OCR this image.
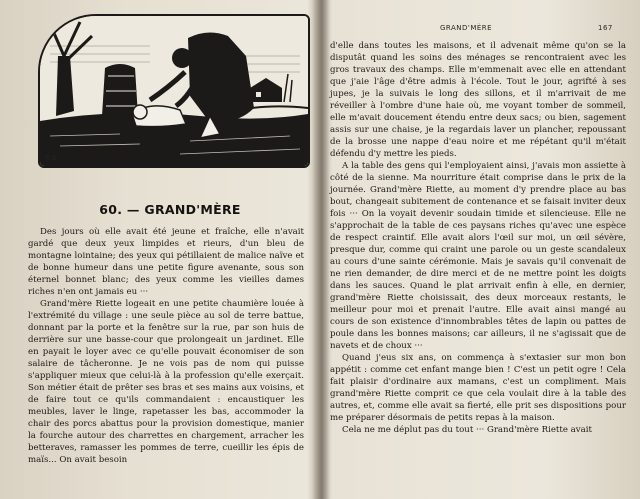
R.B.
60. — GRAND'MÈRE

Des jours où elle avait été jeune et fraîche, elle n'avait gardé que deux yeux limpides et rieurs, d'un bleu de montagne lointaine; des yeux qui pétillaient de malice naïve et de bonne humeur dans une petite figure avenante, sous son éternel bonnet blanc; des yeux comme les vieilles dames riches n'en ont jamais eu ···

Grand'mère Riette logeait en une petite chaumière louée à l'extrémité du village : une seule pièce au sol de terre battue, donnant par la porte et la fenêtre sur la rue, par son huis de derrière sur une basse-cour que prolongeait un jardinet. Elle en payait le loyer avec ce qu'elle pouvait économiser de son salaire de tâcheronne. Je ne vois pas de nom qui puisse s'appliquer mieux que celui-là à la profession qu'elle exerçait. Son métier était de prêter ses bras et ses mains aux voisins, et de faire tout ce qu'ils commandaient : encaustiquer les meubles, laver le linge, rapetasser les bas, accommoder la chair des porcs abattus pour la provision domestique, manier la fourche autour des charrettes en chargement, arracher les betteraves, ramasser les pommes de terre, cueillir les épis de maïs... On avait besoin

GRAND'MÈRE	167

d'elle dans toutes les maisons, et il advenait même qu'on se la disputât quand les soins des ménages se rencontraient avec les gros travaux des champs. Elle m'emmenait avec elle en attendant que j'aie l'âge d'être admis à l'école. Tout le jour, agrifté à ses jupes, je la suivais le long des sillons, et il m'arrivait de me réveiller à l'ombre d'une haie où, me voyant tomber de sommeil, elle m'avait doucement étendu entre deux sacs; ou bien, sagement assis sur une chaise, je la regardais laver un plancher, repoussant de la brosse une nappe d'eau noire et me répétant qu'il m'était défendu d'y mettre les pieds.

A la table des gens qui l'employaient ainsi, j'avais mon assiette à côté de la sienne. Ma nourriture était comprise dans le prix de la journée. Grand'mère Riette, au moment d'y prendre place au bas bout, changeait subitement de contenance et se faisait inviter deux fois ··· On la voyait devenir soudain timide et silencieuse. Elle ne s'approchait de la table de ces paysans riches qu'avec une espèce de respect craintif. Elle avait alors l'œil sur moi, un œil sévère, presque dur, comme qui craint une parole ou un geste scandaleux au cours d'une sainte cérémonie. Mais je savais qu'il convenait de ne rien demander, de dire merci et de ne mettre point les doigts dans les sauces. Quand le plat arrivait enfin à elle, en dernier, grand'mère Riette choisissait, des deux morceaux restants, le meilleur pour moi et prenait l'autre. Elle avait ainsi mangé au cours de son existence d'innombrables têtes de lapin ou pattes de poule dans les bonnes maisons; car ailleurs, il ne s'agissait que de navets et de choux ···

Quand j'eus six ans, on commença à s'extasier sur mon bon appétit : comme cet enfant mange bien ! C'est un petit ogre ! Cela fait plaisir d'ordinaire aux mamans, c'est un compliment. Mais grand'mère Riette comprit ce que cela voulait dire à la table des autres, et, comme elle avait sa fierté, elle prit ses dispositions pour me préparer désormais de petits repas à la maison.

Cela ne me déplut pas du tout ··· Grand'mère Riette avait
